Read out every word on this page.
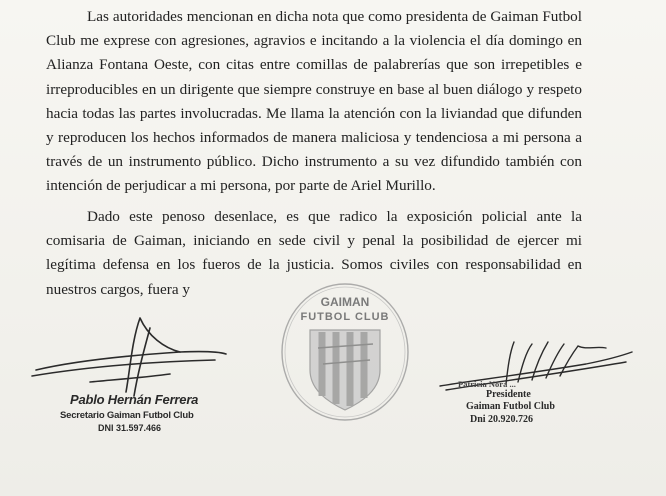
Las autoridades mencionan en dicha nota que como presidenta de Gaiman Futbol Club me exprese con agresiones, agravios e incitando a la violencia el día domingo en Alianza Fontana Oeste, con citas entre comillas de palabrerías que son irrepetibles e irreproducibles en un dirigente que siempre construye en base al buen diálogo y respeto hacia todas las partes involucradas. Me llama la atención con la liviandad que difunden y reproducen los hechos informados de manera maliciosa y tendenciosa a mi persona a través de un instrumento público. Dicho instrumento a su vez difundido también con intención de perjudicar a mi persona, por parte de Ariel Murillo.

Dado este penoso desenlace, es que radico la exposición policial ante la comisaria de Gaiman, iniciando en sede civil y penal la posibilidad de ejercer mi legítima defensa en los fueros de la justicia. Somos civiles con responsabilidad en nuestros cargos, fuera y

Pablo Hernán Ferrera
Secretario Gaiman Futbol Club
DNI 31.597.466
GAIMAN
FUTBOL CLUB
Patricia Nora ...
Presidente
Gaiman Futbol Club
Dni 20.920.726
